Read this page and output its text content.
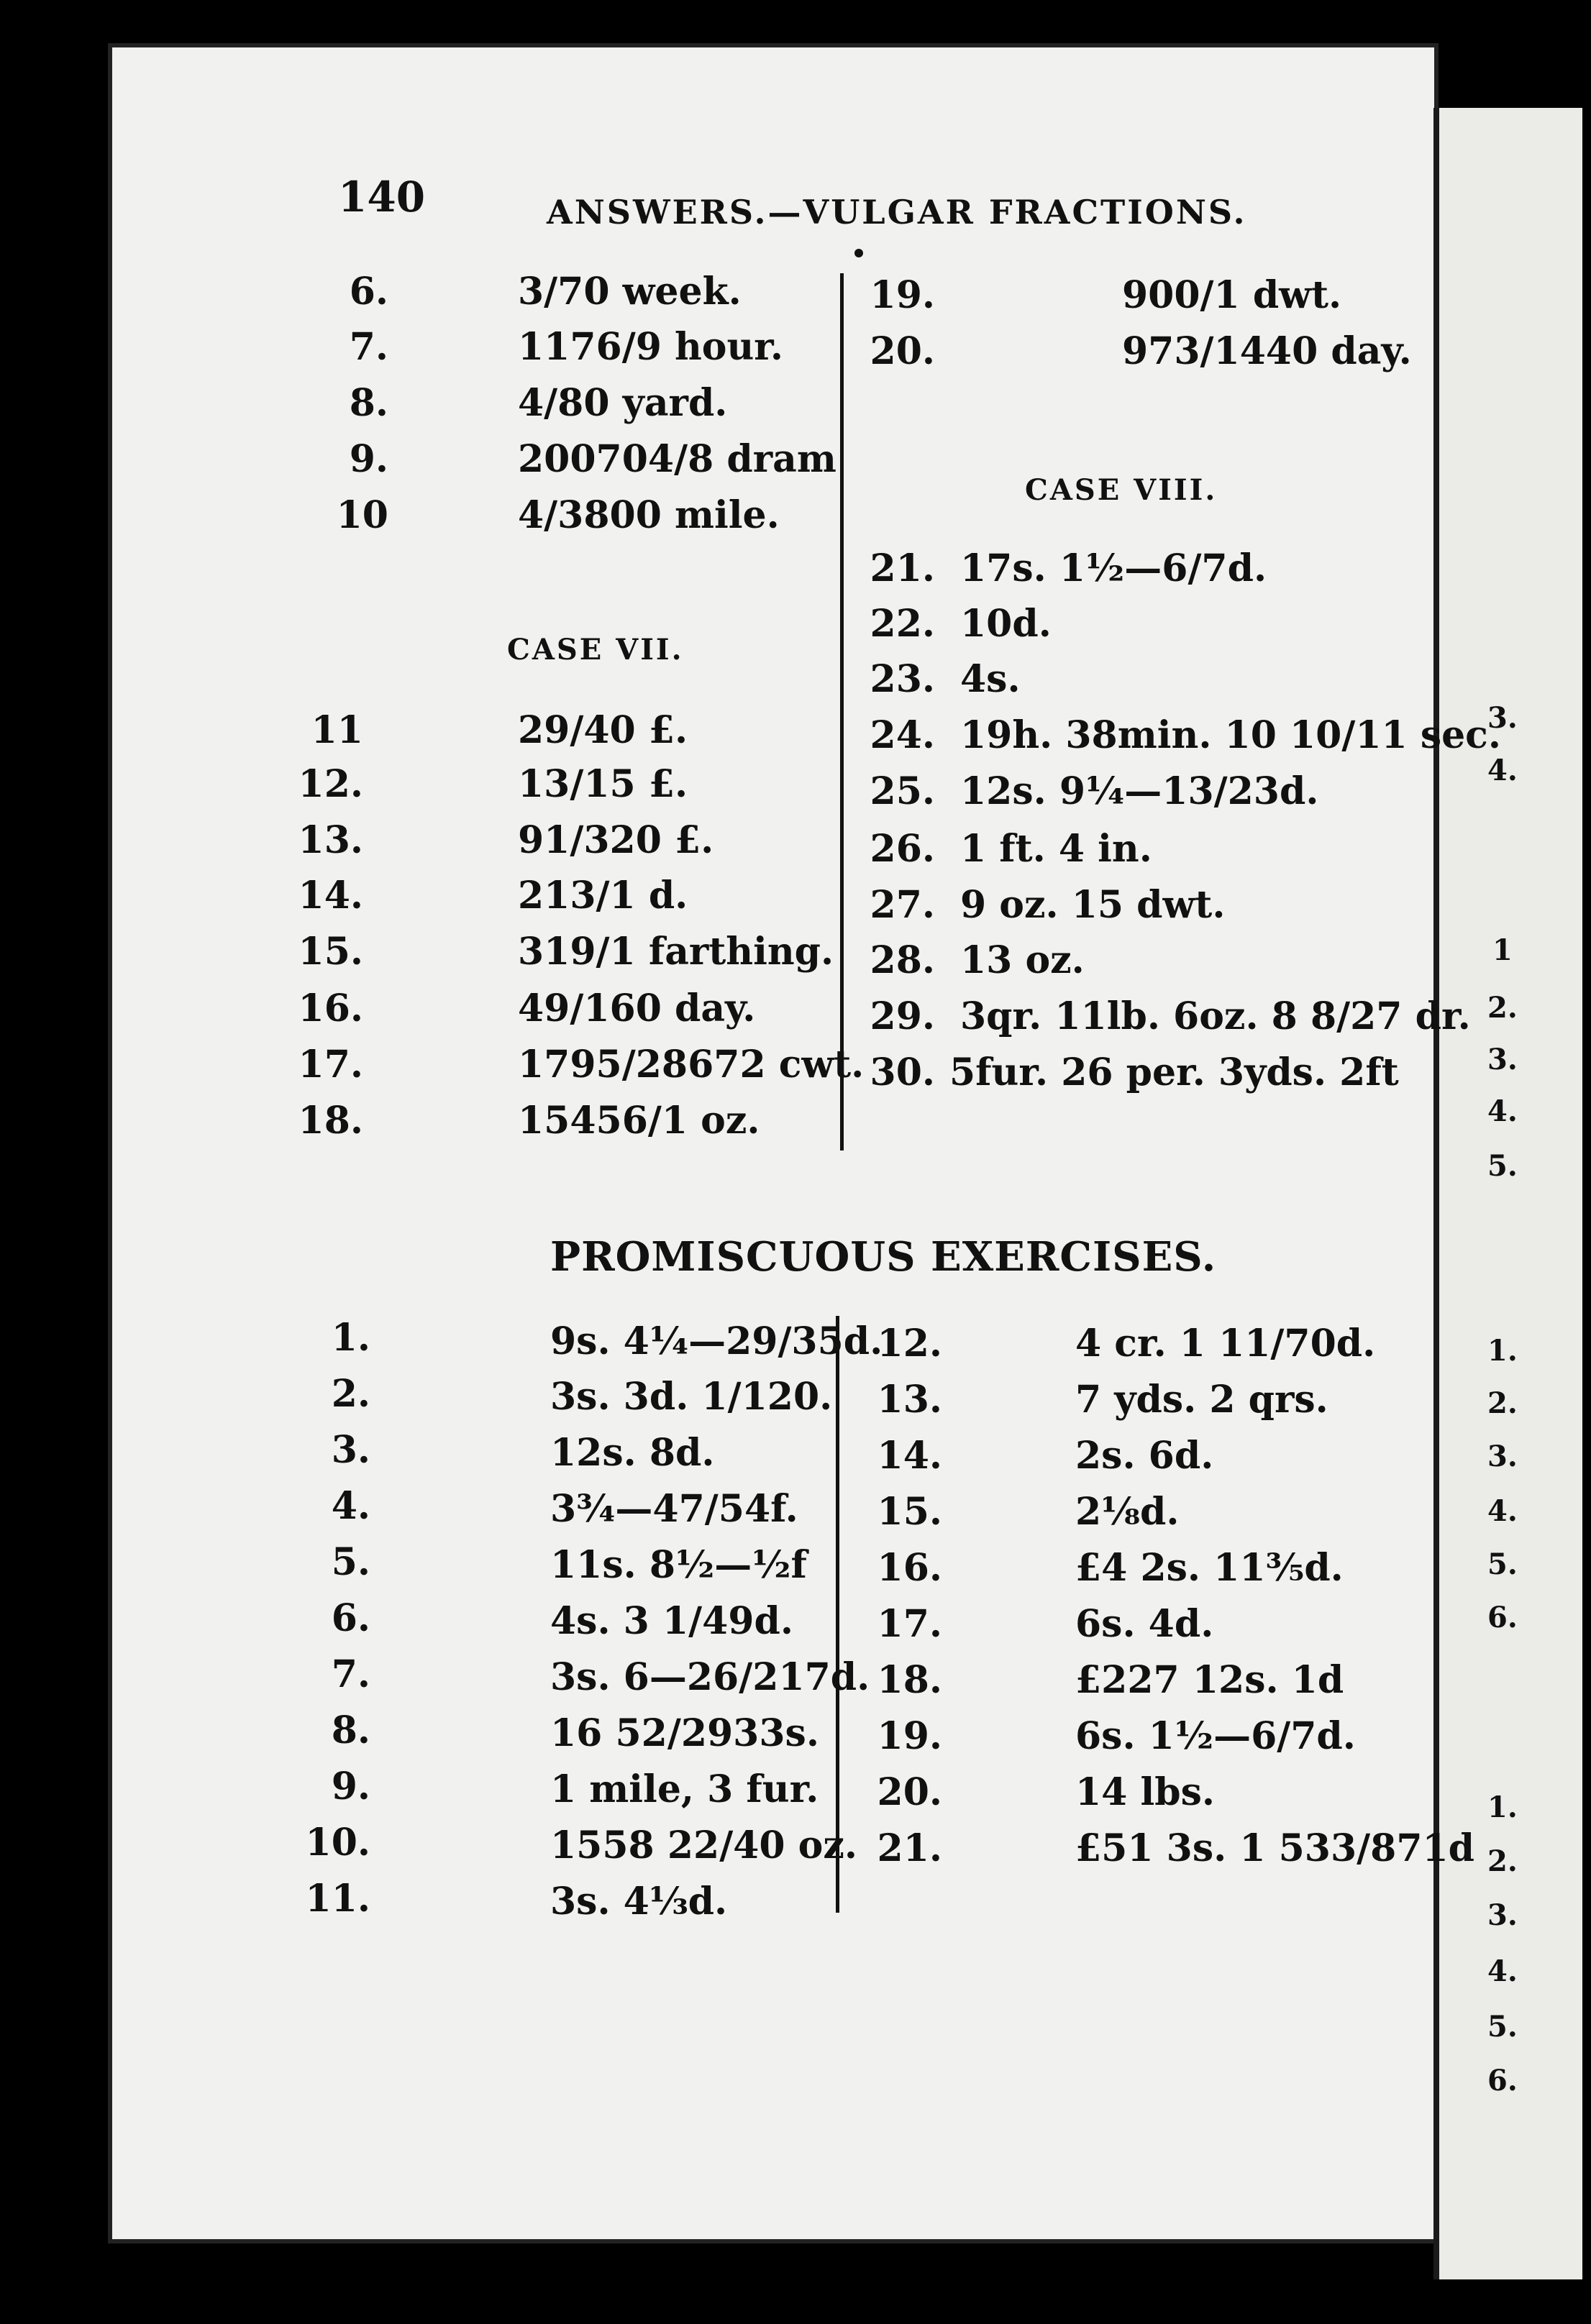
140	ANSWERS.—VULGAR FRACTIONS.
6.	3/70 week.
7.	1176/9 hour.
8.	4/80 yard.
9.	200704/8 dram
10	4/3800 mile.
CASE VII.
11	29/40 £.
12.	13/15 £.
13.	91/320 £.
14.	213/1 d.
15.	319/1 farthing.
16.	49/160 day.
17.	1795/28672 cwt.
18.	15456/1 oz.
19.	900/1 dwt.
20.	973/1440 day.
CASE VIII.
21. 17s. 1½—6/7d.
22. 10d.
23. 4s.
24. 19h. 38min. 10 10/11 sec.
25. 12s. 9¼—13/23d.
26. 1 ft. 4 in.
27. 9 oz. 15 dwt.
28. 13 oz.
29. 3qr. 11lb. 6oz. 8 8/27 dr.
30. 5fur. 26 per. 3yds. 2ft
PROMISCUOUS EXERCISES.
1.	9s. 4¼—29/35d.
2.	3s. 3d. 1/120.
3.	12s. 8d.
4.	3¾—47/54f.
5.	11s. 8½—½f
6.	4s. 3 1/49d.
7.	3s. 6—26/217d.
8.	16 52/2933s.
9.	1 mile, 3 fur.
10.	1558 22/40 oz.
11.	3s. 4⅓d.
12.	4 cr. 1 11/70d.
13.	7 yds. 2 qrs.
14.	2s. 6d.
15.	2⅛d.
16.	£4 2s. 11⅗d.
17.	6s. 4d.
18.	£227 12s. 1d
19.	6s. 1½—6/7d.
20.	14 lbs.
21.	£51 3s. 1 533/871d
3.
4.
1
2.
3.
4.
5.
1.
2.
3.
4.
5.
6.
1.
2.
3.
4.
5.
6.
